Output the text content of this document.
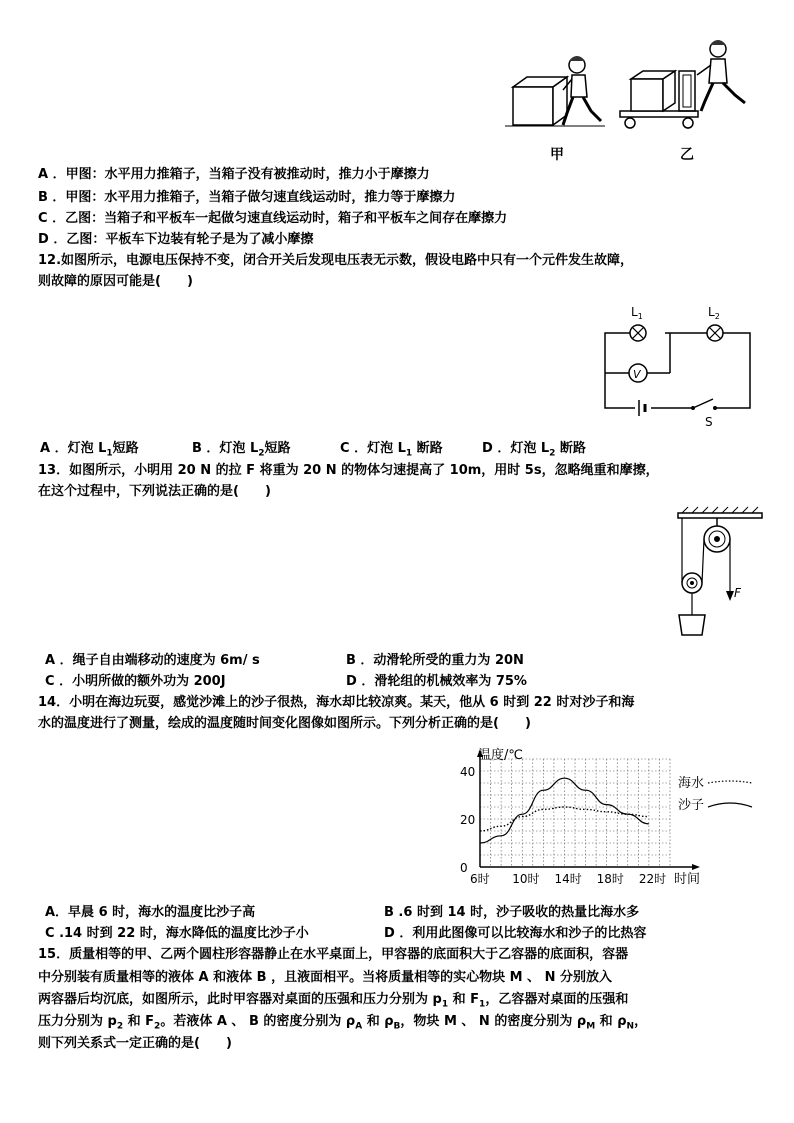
甲	乙
A ．甲图：水平用力推箱子，当箱子没有被推动时，推力小于摩擦力
B ．甲图：水平用力推箱子，当箱子做匀速直线运动时，推力等于摩擦力
C ．乙图：当箱子和平板车一起做匀速直线运动时，箱子和平板车之间存在摩擦力
D ．乙图：平板车下边装有轮子是为了减小摩擦
12.如图所示，电源电压保持不变，闭合开关后发现电压表无示数，假设电路中只有一个元件发生故障，
则故障的原因可能是(　　)
V
S
$L_1$	$L_2$
A ．灯泡 $L_1$短路	B ．灯泡 $L_2$短路	C ．灯泡 $L_1$ 断路	D ．灯泡 $L_2$ 断路
13．如图所示，小明用 20 N 的拉 F 将重为 20 N 的物体匀速提高了 10m，用时 5s，忽略绳重和摩擦，
在这个过程中，下列说法正确的是(　　)
F
A ．绳子自由端移动的速度为 6m/ s	B ．动滑轮所受的重力为 20N
C ．小明所做的额外功为 200J	D ．滑轮组的机械效率为 75%
14．小明在海边玩耍，感觉沙滩上的沙子很热，海水却比较凉爽。某天，他从 6 时到 22 时对沙子和海
水的温度进行了测量，绘成的温度随时间变化图像如图所示。下列分析正确的是(　　)
6时 10时 14时 18时 22时
0
20
40
温度/℃
时间
海水
沙子
A．早晨 6 时，海水的温度比沙子高	B .6 时到 14 时，沙子吸收的热量比海水多
C .14 时到 22 时，海水降低的温度比沙子小	D ．利用此图像可以比较海水和沙子的比热容
15．质量相等的甲、乙两个圆柱形容器静止在水平桌面上，甲容器的底面积大于乙容器的底面积，容器
中分别装有质量相等的液体 A 和液体 B ，且液面相平。当将质量相等的实心物块 M 、 N 分别放入
两容器后均沉底，如图所示，此时甲容器对桌面的压强和压力分别为 $p_1$ 和 $F_1$，乙容器对桌面的压强和
压力分别为 $p_2$ 和 $F_2$。若液体 A 、 B 的密度分别为 $\rho_A$ 和 $\rho_B$，物块 M 、 N 的密度分别为 $\rho_M$ 和 $\rho_N$，
则下列关系式一定正确的是(　　)
